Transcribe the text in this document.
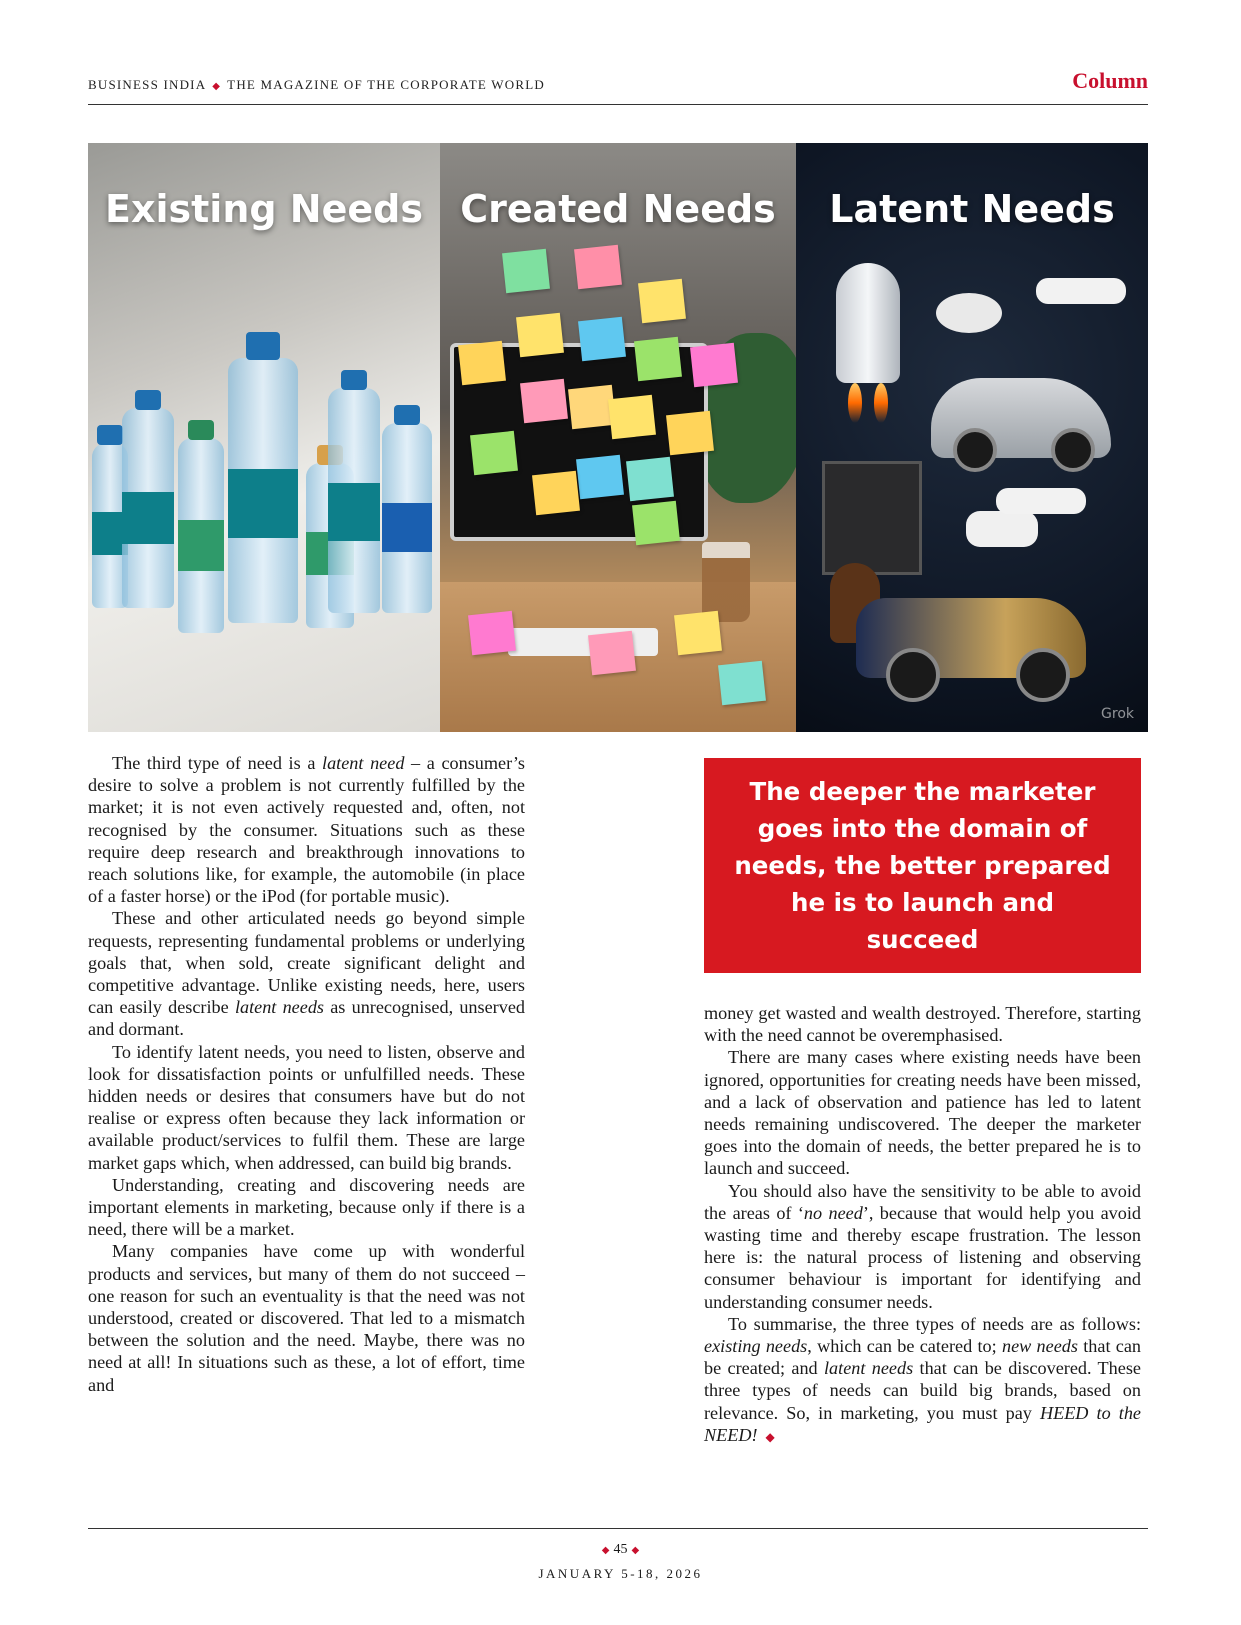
BUSINESS INDIA ◆ THE MAGAZINE OF THE CORPORATE WORLD	Column
Existing Needs Created Needs	Latent Needs
Grok

The third type of need is a latent need – a consumer’s desire to solve a problem is not currently fulfilled by the market; it is not even actively requested and, often, not recognised by the consumer. Situations such as these require deep research and breakthrough innovations to reach solutions like, for example, the automobile (in place of a faster horse) or the iPod (for portable music).

These and other articulated needs go beyond simple requests, representing fundamental problems or underlying goals that, when sold, create significant delight and competitive advantage. Unlike existing needs, here, users can easily describe latent needs as unrecognised, unserved and dormant.

To identify latent needs, you need to listen, observe and look for dissatisfaction points or unfulfilled needs. These hidden needs or desires that consumers have but do not realise or express often because they lack information or available product/services to fulfil them. These are large market gaps which, when addressed, can build big brands.

Understanding, creating and discovering needs are important elements in marketing, because only if there is a need, there will be a market.

Many companies have come up with wonderful products and services, but many of them do not succeed – one reason for such an eventuality is that the need was not understood, created or discovered. That led to a mismatch between the solution and the need. Maybe, there was no need at all! In situations such as these, a lot of effort, time and

The deeper the marketer goes into the domain of needs, the better prepared he is to launch and succeed

money get wasted and wealth destroyed. Therefore, starting with the need cannot be overemphasised.

There are many cases where existing needs have been ignored, opportunities for creating needs have been missed, and a lack of observation and patience has led to latent needs remaining undiscovered. The deeper the marketer goes into the domain of needs, the better prepared he is to launch and succeed.

You should also have the sensitivity to be able to avoid the areas of ‘no need’, because that would help you avoid wasting time and thereby escape frustration. The lesson here is: the natural process of listening and observing consumer behaviour is important for identifying and understanding consumer needs.

To summarise, the three types of needs are as follows: existing needs, which can be catered to; new needs that can be created; and latent needs that can be discovered. These three types of needs can build big brands, based on relevance. So, in marketing, you must pay HEED to the NEED! ◆

◆ 45 ◆
JANUARY 5-18, 2026
